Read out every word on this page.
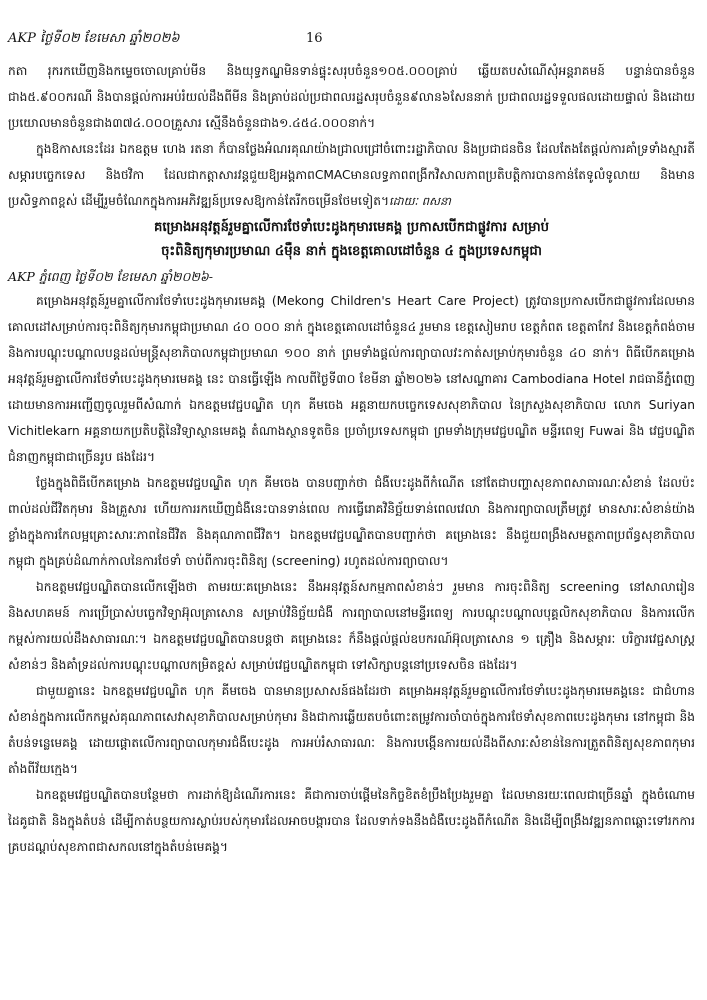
AKP ថ្ងៃទី០២ ខែមេសា ឆ្នាំ២០២៦	16

កតា រុករកឃើញនិងកម្ទេចចោលគ្រាប់មីន និងយុទ្ធភណ្ឌមិនទាន់ផ្ទុះសរុបចំនួន១០៥.០០០គ្រាប់ ឆ្លើយតបសំណើសុំអន្តរាគមន៍ បន្ទាន់បានចំនួនជាង៥.៩០០ករណី និងបានផ្តល់ការអប់រំយល់ដឹងពីមីន និងគ្រាប់ដល់ប្រជាពលរដ្ឋសរុបចំនួន៩លាន៦សែននាក់ ប្រជាពលរដ្ឋទទួលផលដោយផ្ទាល់ និងដោយប្រយោលមានចំនួនជាង៣៧៤.០០០គ្រួសារ ស្មើនឹងចំនួនជាង១.៤៥៤.០០០នាក់។

ក្នុងឱកាសនេះដែរ ឯកឧត្តម ហេង រតនា ក៏បានថ្លែងអំណរគុណយ៉ាងជ្រាលជ្រៅចំពោះរដ្ឋាភិបាល និងប្រជាជនចិន ដែលតែងតែផ្តល់ការគាំទ្រទាំងស្មារតី សម្ភារបច្ចេកទេស និងថវិកា ដែលជាកត្តាសារវន្តជួយឱ្យអង្គភាពCMACមានលទ្ធភាពពង្រីកវិសាលភាពប្រតិបត្តិការបានកាន់តែទូលំទូលាយ និងមានប្រសិទ្ធភាពខ្ពស់ ដើម្បីរួមចំណែកក្នុងការអភិវឌ្ឍន៍ប្រទេសឱ្យកាន់តែរីកចម្រើនថែមទៀត។ដោយៈ ពសនា

គម្រោងអនុវត្តន៍រួមគ្នាលើការថែទាំបេះដូងកុមារមេគង្គ ប្រកាសបើកជាផ្លូវការ សម្រាប់
ចុះពិនិត្យកុមារប្រមាណ ៤ម៉ឺន នាក់ ក្នុងខេត្តគោលដៅចំនួន ៤ ក្នុងប្រទេសកម្ពុជា

AKP ភ្នំពេញ ថ្ងៃទី០២ ខែមេសា ឆ្នាំ២០២៦-

គម្រោងអនុវត្តន៍រួមគ្នាលើការថែទាំបេះដូងកុមារមេគង្គ (Mekong Children's Heart Care Project) ត្រូវបានប្រកាសបើកជាផ្លូវការដែលមានគោលដៅសម្រាប់ការចុះពិនិត្យកុមារកម្ពុជាប្រមាណ ៤០ ០០០ នាក់ ក្នុងខេត្តគោលដៅចំនួន៤ រួមមាន ខេត្តសៀមរាប ខេត្តកំពត ខេត្តតាកែវ និងខេត្តកំពង់ចាម និងការបណ្តុះបណ្តាលបន្តដល់មន្ត្រីសុខាភិបាលកម្ពុជាប្រមាណ ១០០ នាក់ ព្រមទាំងផ្តល់ការព្យាបាលវះកាត់សម្រាប់កុមារចំនួន ៤០ នាក់។ ពិធីបើកគម្រោងអនុវត្តន៍រួមគ្នាលើការថែទាំបេះដូងកុមារមេគង្គ នេះ បានធ្វើឡើង កាលពីថ្ងៃទី៣០ ខែមីនា ឆ្នាំ២០២៦ នៅសណ្ឋាគារ Cambodiana Hotel រាជធានីភ្នំពេញ ដោយមានការអញ្ជើញចូលរួមពីសំណាក់ ឯកឧត្តមវេជ្ជបណ្ឌិត ហុក គីមចេង អគ្គនាយកបច្ចេកទេសសុខាភិបាល នៃក្រសួងសុខាភិបាល លោក Suriyan Vichitlekarn អគ្គនាយកប្រតិបត្តិនៃវិទ្យាស្ថានមេគង្គ តំណាងស្ថានទូតចិន ប្រចាំប្រទេសកម្ពុជា ព្រមទាំងក្រុមវេជ្ជបណ្ឌិត មន្ទីរពេទ្យ Fuwai និង វេជ្ជបណ្ឌិតជំនាញកម្ពុជាជាច្រើនរូប ផងដែរ។

ថ្លែងក្នុងពិធីបើកគម្រោង ឯកឧត្តមវេជ្ជបណ្ឌិត ហុក គីមចេង បានបញ្ជាក់ថា ជំងឺបេះដូងពីកំណើត នៅតែជាបញ្ហាសុខភាពសាធារណៈសំខាន់ ដែលប៉ះពាល់ដល់ជីវិតកុមារ និងគ្រួសារ ហើយការរកឃើញជំងឺនេះបានទាន់ពេល ការធ្វើរោគវិនិច្ឆ័យទាន់ពេលវេលា និងការព្យាបាលត្រឹមត្រូវ មានសារៈសំខាន់យ៉ាងខ្លាំងក្នុងការកែលម្អគ្រោះសារៈភាពនៃជីវិត និងគុណភាពជីវិត។ ឯកឧត្តមវេជ្ជបណ្ឌិតបានបញ្ជាក់ថា គម្រោងនេះ នឹងជួយពង្រឹងសមត្ថភាពប្រព័ន្ធសុខាភិបាលកម្ពុជា ក្នុងគ្រប់ដំណាក់កាលនៃការថែទាំ ចាប់ពីការចុះពិនិត្យ (screening) រហូតដល់ការព្យាបាល។

ឯកឧត្តមវេជ្ជបណ្ឌិតបានលើកឡើងថា តាមរយៈគម្រោងនេះ នឹងអនុវត្តន៍សកម្មភាពសំខាន់ៗ រួមមាន ការចុះពិនិត្យ screening នៅសាលារៀន និងសហគមន៍ ការប្រើប្រាស់បច្ចេកវិទ្យាអ៊ុលត្រាសោន សម្រាប់វិនិច្ឆ័យជំងឺ ការព្យាបាលនៅមន្ទីរពេទ្យ ការបណ្តុះបណ្តាលបុគ្គលិកសុខាភិបាល និងការលើកកម្ពស់ការយល់ដឹងសាធារណៈ។ ឯកឧត្តមវេជ្ជបណ្ឌិតបានបន្តថា គម្រោងនេះ ក៏នឹងផ្តល់ផ្តល់ឧបករណ៍អ៊ុលត្រាសោន ១ គ្រឿង និងសម្ភារៈ បរិក្ខារវេជ្ជសាស្ត្រ សំខាន់ៗ និងគាំទ្រដល់ការបណ្តុះបណ្តាលកម្រិតខ្ពស់ សម្រាប់វេជ្ជបណ្ឌិតកម្ពុជា ទៅសិក្សាបន្តនៅប្រទេសចិន ផងដែរ។

ជាមួយគ្នានេះ ឯកឧត្តមវេជ្ជបណ្ឌិត ហុក គីមចេង បានមានប្រសាសន៍ផងដែរថា គម្រោងអនុវត្តន៍រួមគ្នាលើការថែទាំបេះដូងកុមារមេគង្គនេះ ជាជំហានសំខាន់ក្នុងការលើកកម្ពស់គុណភាពសេវាសុខាភិបាលសម្រាប់កុមារ និងជាការឆ្លើយតបចំពោះតម្រូវការចាំបាច់ក្នុងការថែទាំសុខភាពបេះដូងកុមារ នៅកម្ពុជា និងតំបន់ទន្លេមេគង្គ ដោយផ្តោតលើការព្យាបាលកុមារជំងឺបេះដូង ការអប់រំសាធារណៈ និងការបង្កើនការយល់ដឹងពីសារៈសំខាន់នៃការត្រួតពិនិត្យសុខភាពកុមារតាំងពីវ័យក្មេង។

ឯកឧត្តមវេជ្ជបណ្ឌិតបានបន្ថែមថា ការដាក់ឱ្យដំណើរការនេះ គឺជាការចាប់ផ្តើមនៃកិច្ចខិតខំប្រឹងប្រែងរួមគ្នា ដែលមានរយៈពេលជាច្រើនឆ្នាំ ក្នុងចំណោមដៃគូជាតិ និងក្នុងតំបន់ ដើម្បីកាត់បន្ថយការស្លាប់របស់កុមារដែលអាចបង្ការបាន ដែលទាក់ទងនឹងជំងឺបេះដូងពីកំណើត និងដើម្បីពង្រឹងវឌ្ឍនភាពឆ្ពោះទៅរកការគ្របដណ្តប់សុខភាពជាសកលនៅក្នុងតំបន់មេគង្គ។
